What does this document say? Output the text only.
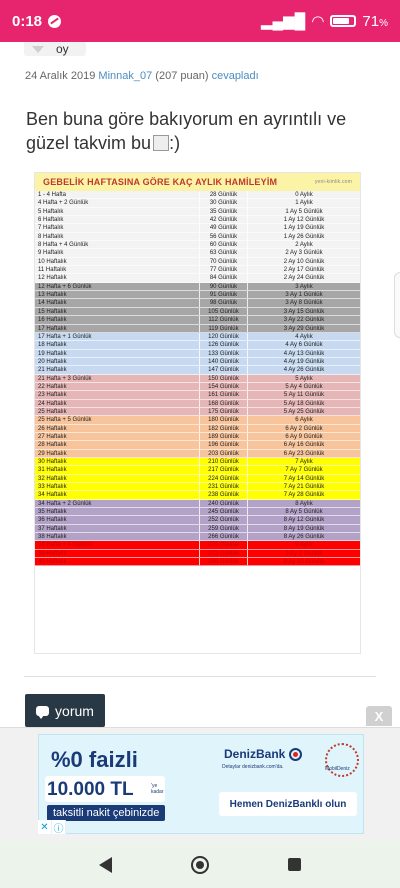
0:18	▂▄▆█ ◠	71%
oy
24 Aralık 2019 Minnak_07 (207 puan) cevapladı
Ben buna göre bakıyorum en ayrıntılı ve güzel takvim bu :)
GEBELİK HAFTASINA GÖRE KAÇ AYLIK HAMİLEYİM	yeni-kimlik.com
1 - 4 Hafta	28 Günlük	0 Aylık
4 Hafta + 2 Günlük	30 Günlük	1 Aylık
5 Haftalık	35 Günlük	1 Ay 5 Günlük
6 Haftalık	42 Günlük	1 Ay 12 Günlük
7 Haftalık	49 Günlük	1 Ay 19 Günlük
8 Haftalık	56 Günlük	1 Ay 26 Günlük
8 Hafta + 4 Günlük	60 Günlük	2 Aylık
9 Haftalık	63 Günlük	2 Ay 3 Günlük
10 Haftalık	70 Günlük	2 Ay 10 Günlük
11 Haftalık	77 Günlük	2 Ay 17 Günlük
12 Haftalık	84 Günlük	2 Ay 24 Günlük
12 Hafta + 6 Günlük	90 Günlük	3 Aylık
13 Haftalık	91 Günlük	3 Ay 1 Günlük
14 Haftalık	98 Günlük	3 Ay 8 Günlük
15 Haftalık	105 Günlük	3 Ay 15 Günlük
16 Haftalık	112 Günlük	3 Ay 22 Günlük
17 Haftalık	119 Günlük	3 Ay 29 Günlük
17 Hafta + 1 Günlük	120 Günlük	4 Aylık
18 Haftalık	126 Günlük	4 Ay 6 Günlük
19 Haftalık	133 Günlük	4 Ay 13 Günlük
20 Haftalık	140 Günlük	4 Ay 19 Günlük
21 Haftalık	147 Günlük	4 Ay 26 Günlük
21 Hafta + 3 Günlük	150 Günlük	5 Aylık
22 Haftalık	154 Günlük	5 Ay 4 Günlük
23 Haftalık	161 Günlük	5 Ay 11 Günlük
24 Haftalık	168 Günlük	5 Ay 18 Günlük
25 Haftalık	175 Günlük	5 Ay 25 Günlük
25 Hafta + 5 Günlük	180 Günlük	6 Aylık
26 Haftalık	182 Günlük	6 Ay 2 Günlük
27 Haftalık	189 Günlük	6 Ay 9 Günlük
28 Haftalık	196 Günlük	6 Ay 16 Günlük
29 Haftalık	203 Günlük	6 Ay 23 Günlük
30 Haftalık	210 Günlük	7 Aylık
31 Haftalık	217 Günlük	7 Ay 7 Günlük
32 Haftalık	224 Günlük	7 Ay 14 Günlük
33 Haftalık	231 Günlük	7 Ay 21 Günlük
34 Haftalık	238 Günlük	7 Ay 28 Günlük
34 Hafta + 2 Günlük	240 Günlük	8 Aylık
35 Haftalık	245 Günlük	8 Ay 5 Günlük
36 Haftalık	252 Günlük	8 Ay 12 Günlük
37 Haftalık	259 Günlük	8 Ay 19 Günlük
38 Haftalık	266 Günlük	8 Ay 26 Günlük
38 Hafta + 4 Günlük	270 Günlük	9 Aylık
39 Haftalık	273 Günlük	9 Ay 3 Günlük
40 Haftalık	280 Günlük	9 Ay 10 Günlük
yorum	X
%0 faizli
10.000 TL	'ye kadar
taksitli nakit çebinizde
DenizBank
Detaylar denizbank.com'da.	MobilDeniz
Hemen DenizBanklı olun
✕ ⓘ
